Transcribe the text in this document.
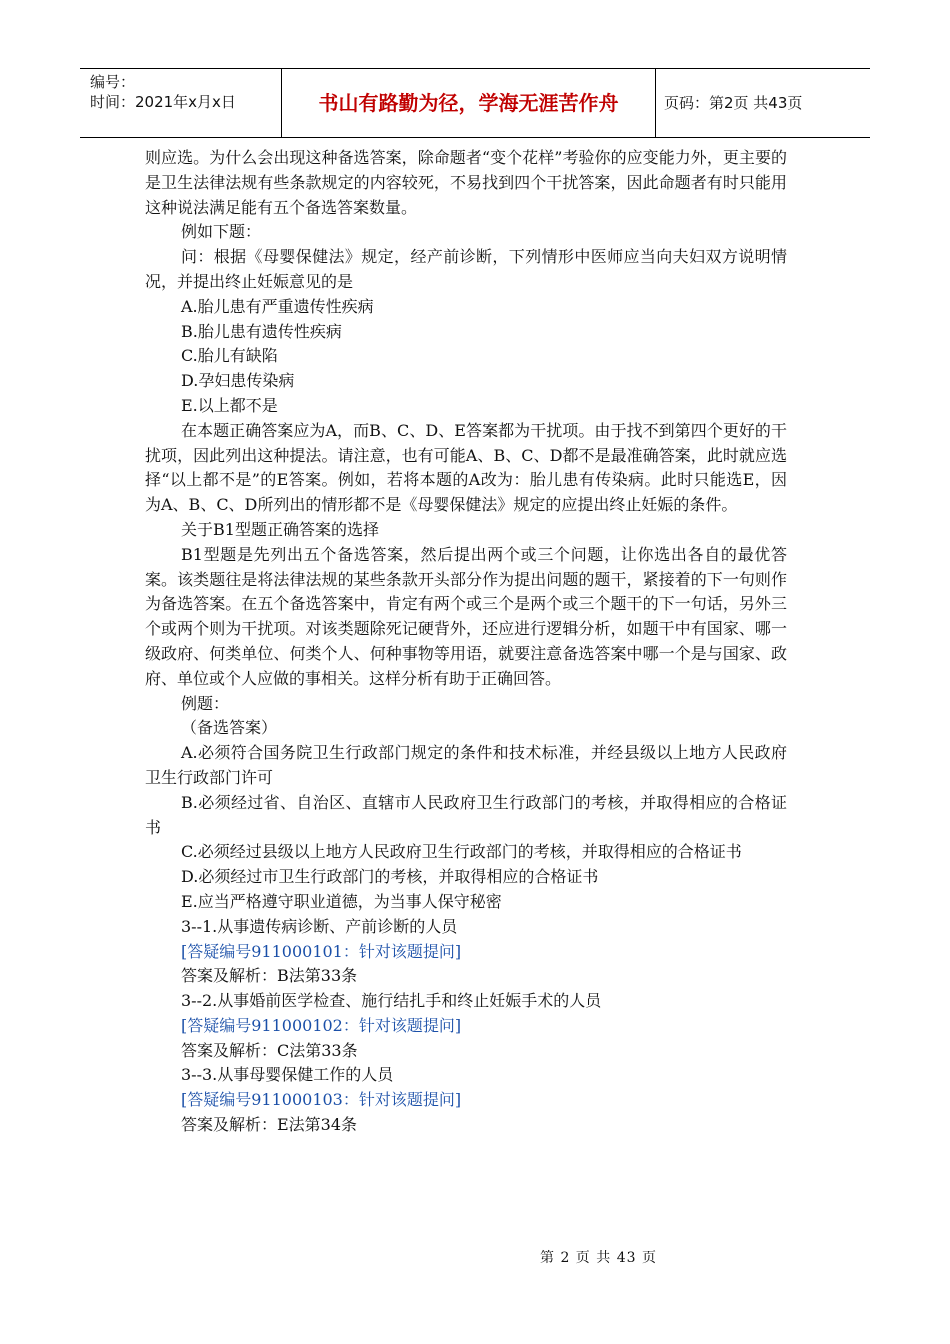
编号：
时间：2021年x月x日	书山有路勤为径，学海无涯苦作舟	页码：第2页 共43页

则应选。为什么会出现这种备选答案，除命题者“变个花样”考验你的应变能力外，更主要的是卫生法律法规有些条款规定的内容较死，不易找到四个干扰答案，因此命题者有时只能用这种说法满足能有五个备选答案数量。

例如下题：

问：根据《母婴保健法》规定，经产前诊断，下列情形中医师应当向夫妇双方说明情况，并提出终止妊娠意见的是

A.胎儿患有严重遗传性疾病

B.胎儿患有遗传性疾病

C.胎儿有缺陷

D.孕妇患传染病

E.以上都不是

在本题正确答案应为A，而B、C、D、E答案都为干扰项。由于找不到第四个更好的干扰项，因此列出这种提法。请注意，也有可能A、B、C、D都不是最准确答案，此时就应选择“以上都不是”的E答案。例如，若将本题的A改为：胎儿患有传染病。此时只能选E，因为A、B、C、D所列出的情形都不是《母婴保健法》规定的应提出终止妊娠的条件。

关于B1型题正确答案的选择

B1型题是先列出五个备选答案，然后提出两个或三个问题，让你选出各自的最优答案。该类题往是将法律法规的某些条款开头部分作为提出问题的题干，紧接着的下一句则作为备选答案。在五个备选答案中，肯定有两个或三个是两个或三个题干的下一句话，另外三个或两个则为干扰项。对该类题除死记硬背外，还应进行逻辑分析，如题干中有国家、哪一级政府、何类单位、何类个人、何种事物等用语，就要注意备选答案中哪一个是与国家、政府、单位或个人应做的事相关。这样分析有助于正确回答。

例题：

（备选答案）

A.必须符合国务院卫生行政部门规定的条件和技术标准，并经县级以上地方人民政府卫生行政部门许可

B.必须经过省、自治区、直辖市人民政府卫生行政部门的考核，并取得相应的合格证书

C.必须经过县级以上地方人民政府卫生行政部门的考核，并取得相应的合格证书

D.必须经过市卫生行政部门的考核，并取得相应的合格证书

E.应当严格遵守职业道德，为当事人保守秘密

3--1.从事遗传病诊断、产前诊断的人员

[答疑编号911000101：针对该题提问]

答案及解析：B法第33条

3--2.从事婚前医学检查、施行结扎手和终止妊娠手术的人员

[答疑编号911000102：针对该题提问]

答案及解析：C法第33条

3--3.从事母婴保健工作的人员

[答疑编号911000103：针对该题提问]

答案及解析：E法第34条

第 2 页 共 43 页
